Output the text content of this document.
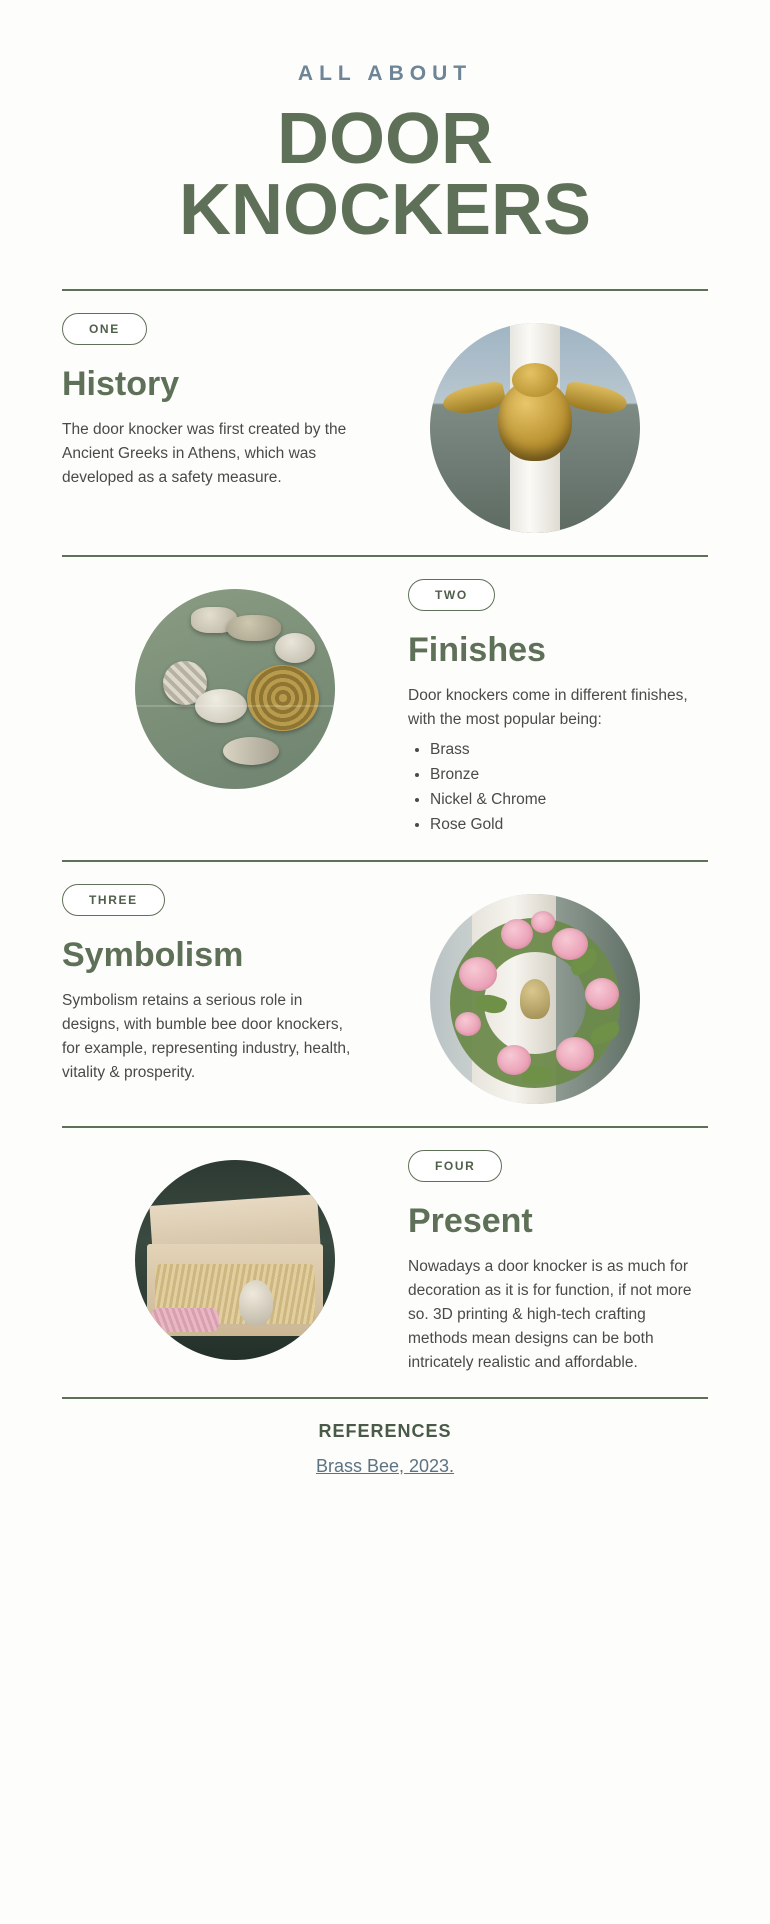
ALL ABOUT
DOOR
KNOCKERS
ONE
History

The door knocker was first created by the Ancient Greeks in Athens, which was developed as a safety measure.

TWO
Finishes

Door knockers come in different finishes, with the most popular being:

• Brass
• Bronze
• Nickel & Chrome
• Rose Gold
THREE
Symbolism

Symbolism retains a serious role in designs, with bumble bee door knockers, for example, representing industry, health, vitality & prosperity.

FOUR
Present

Nowadays a door knocker is as much for decoration as it is for function, if not more so. 3D printing & high-tech crafting methods mean designs can be both intricately realistic and affordable.

REFERENCES
Brass Bee, 2023.
